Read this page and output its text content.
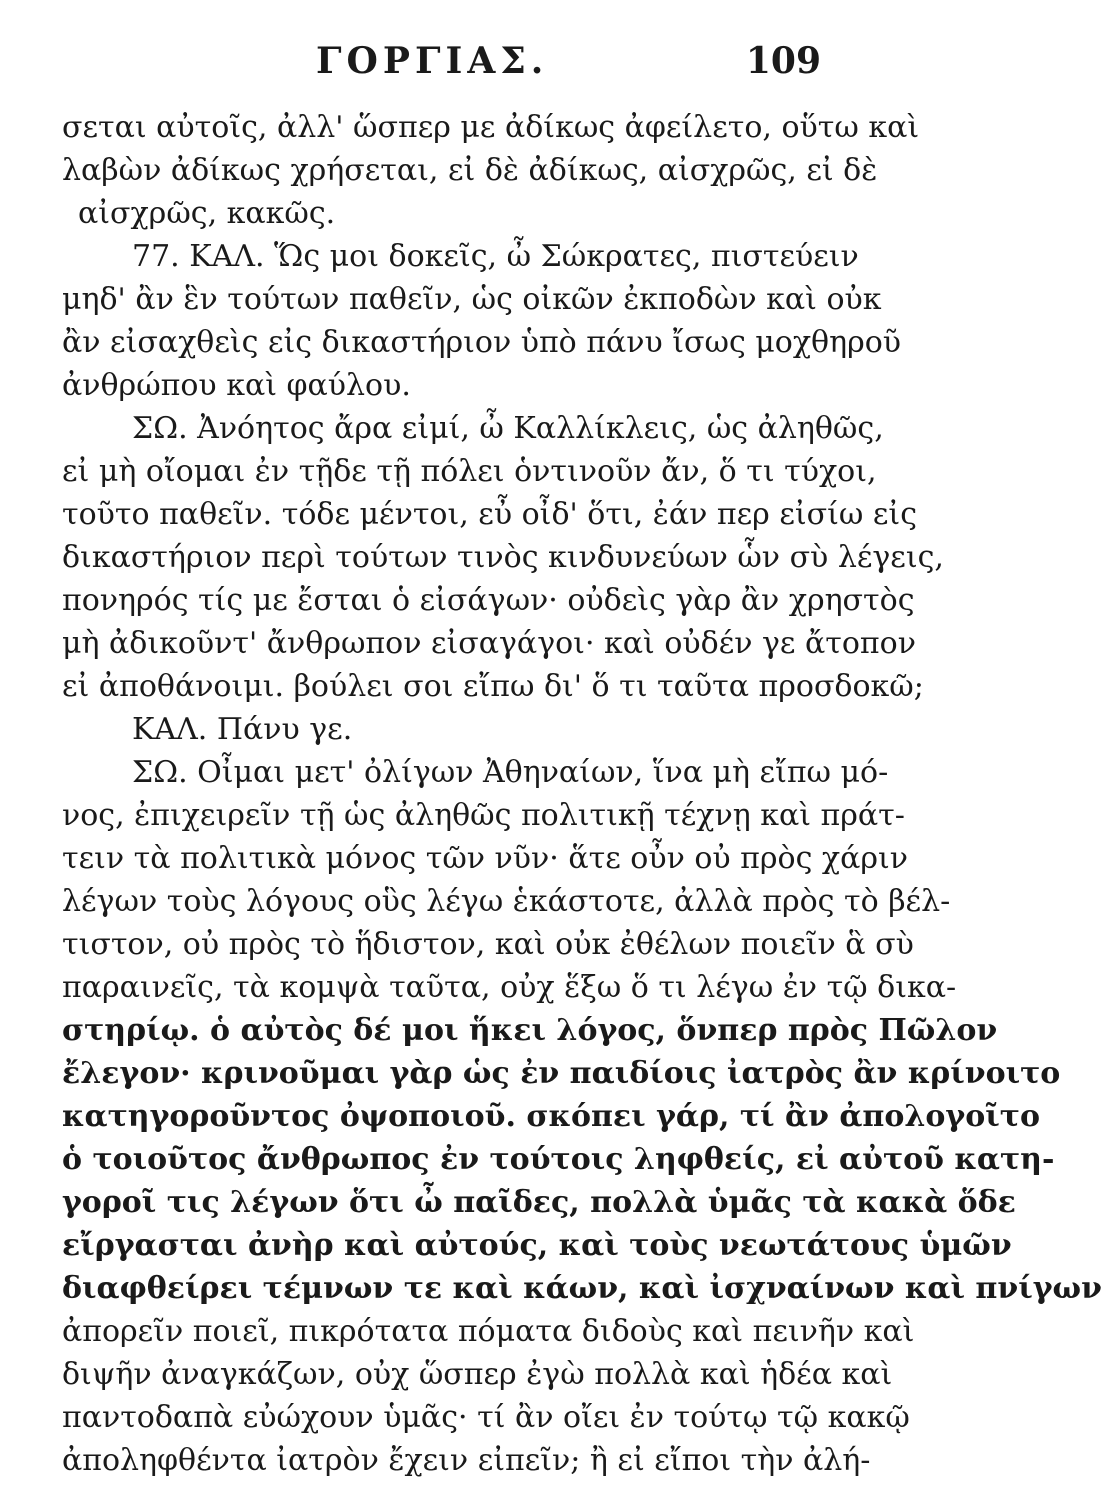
ΓΟΡΓΙΑΣ.	109
σεται αὐτοῖς, ἀλλ' ὥσπερ με ἀδίκως ἀφείλετο, οὕτω καὶ
λαβὼν ἀδίκως χρήσεται, εἰ δὲ ἀδίκως, αἰσχρῶς, εἰ δὲ
αἰσχρῶς, κακῶς.
77. ΚΑΛ. Ὥς μοι δοκεῖς, ὦ Σώκρατες, πιστεύειν
μηδ' ἂν ἓν τούτων παθεῖν, ὡς οἰκῶν ἐκποδὼν καὶ οὐκ
ἂν εἰσαχθεὶς εἰς δικαστήριον ὑπὸ πάνυ ἴσως μοχθηροῦ
ἀνθρώπου καὶ φαύλου.
ΣΩ. Ἀνόητος ἄρα εἰμί, ὦ Καλλίκλεις, ὡς ἀληθῶς,
εἰ μὴ οἴομαι ἐν τῇδε τῇ πόλει ὁντινοῦν ἄν, ὅ τι τύχοι,
τοῦτο παθεῖν. τόδε μέντοι, εὖ οἶδ' ὅτι, ἐάν περ εἰσίω εἰς
δικαστήριον περὶ τούτων τινὸς κινδυνεύων ὧν σὺ λέγεις,
πονηρός τίς με ἔσται ὁ εἰσάγων· οὐδεὶς γὰρ ἂν χρηστὸς
μὴ ἀδικοῦντ' ἄνθρωπον εἰσαγάγοι· καὶ οὐδέν γε ἄτοπον
εἰ ἀποθάνοιμι. βούλει σοι εἴπω δι' ὅ τι ταῦτα προσδοκῶ;
ΚΑΛ. Πάνυ γε.
ΣΩ. Οἶμαι μετ' ὀλίγων Ἀθηναίων, ἵνα μὴ εἴπω μό-
νος, ἐπιχειρεῖν τῇ ὡς ἀληθῶς πολιτικῇ τέχνῃ καὶ πράτ-
τειν τὰ πολιτικὰ μόνος τῶν νῦν· ἅτε οὖν οὐ πρὸς χάριν
λέγων τοὺς λόγους οὓς λέγω ἑκάστοτε, ἀλλὰ πρὸς τὸ βέλ-
τιστον, οὐ πρὸς τὸ ἥδιστον, καὶ οὐκ ἐθέλων ποιεῖν ἃ σὺ
παραινεῖς, τὰ κομψὰ ταῦτα, οὐχ ἕξω ὅ τι λέγω ἐν τῷ δικα-
στηρίῳ. ὁ αὐτὸς δέ μοι ἥκει λόγος, ὅνπερ πρὸς Πῶλον
ἔλεγον· κρινοῦμαι γὰρ ὡς ἐν παιδίοις ἰατρὸς ἂν κρίνοιτο
κατηγοροῦντος ὀψοποιοῦ. σκόπει γάρ, τί ἂν ἀπολογοῖτο
ὁ τοιοῦτος ἄνθρωπος ἐν τούτοις ληφθείς, εἰ αὐτοῦ κατη-
γοροῖ τις λέγων ὅτι ὦ παῖδες, πολλὰ ὑμᾶς τὰ κακὰ ὅδε
εἴργασται ἀνὴρ καὶ αὐτούς, καὶ τοὺς νεωτάτους ὑμῶν
διαφθείρει τέμνων τε καὶ κάων, καὶ ἰσχναίνων καὶ πνίγων
ἀπορεῖν ποιεῖ, πικρότατα πόματα διδοὺς καὶ πεινῆν καὶ
διψῆν ἀναγκάζων, οὐχ ὥσπερ ἐγὼ πολλὰ καὶ ἡδέα καὶ
παντοδαπὰ εὐώχουν ὑμᾶς· τί ἂν οἴει ἐν τούτῳ τῷ κακῷ
ἀποληφθέντα ἰατρὸν ἔχειν εἰπεῖν; ἢ εἰ εἴποι τὴν ἀλή-
